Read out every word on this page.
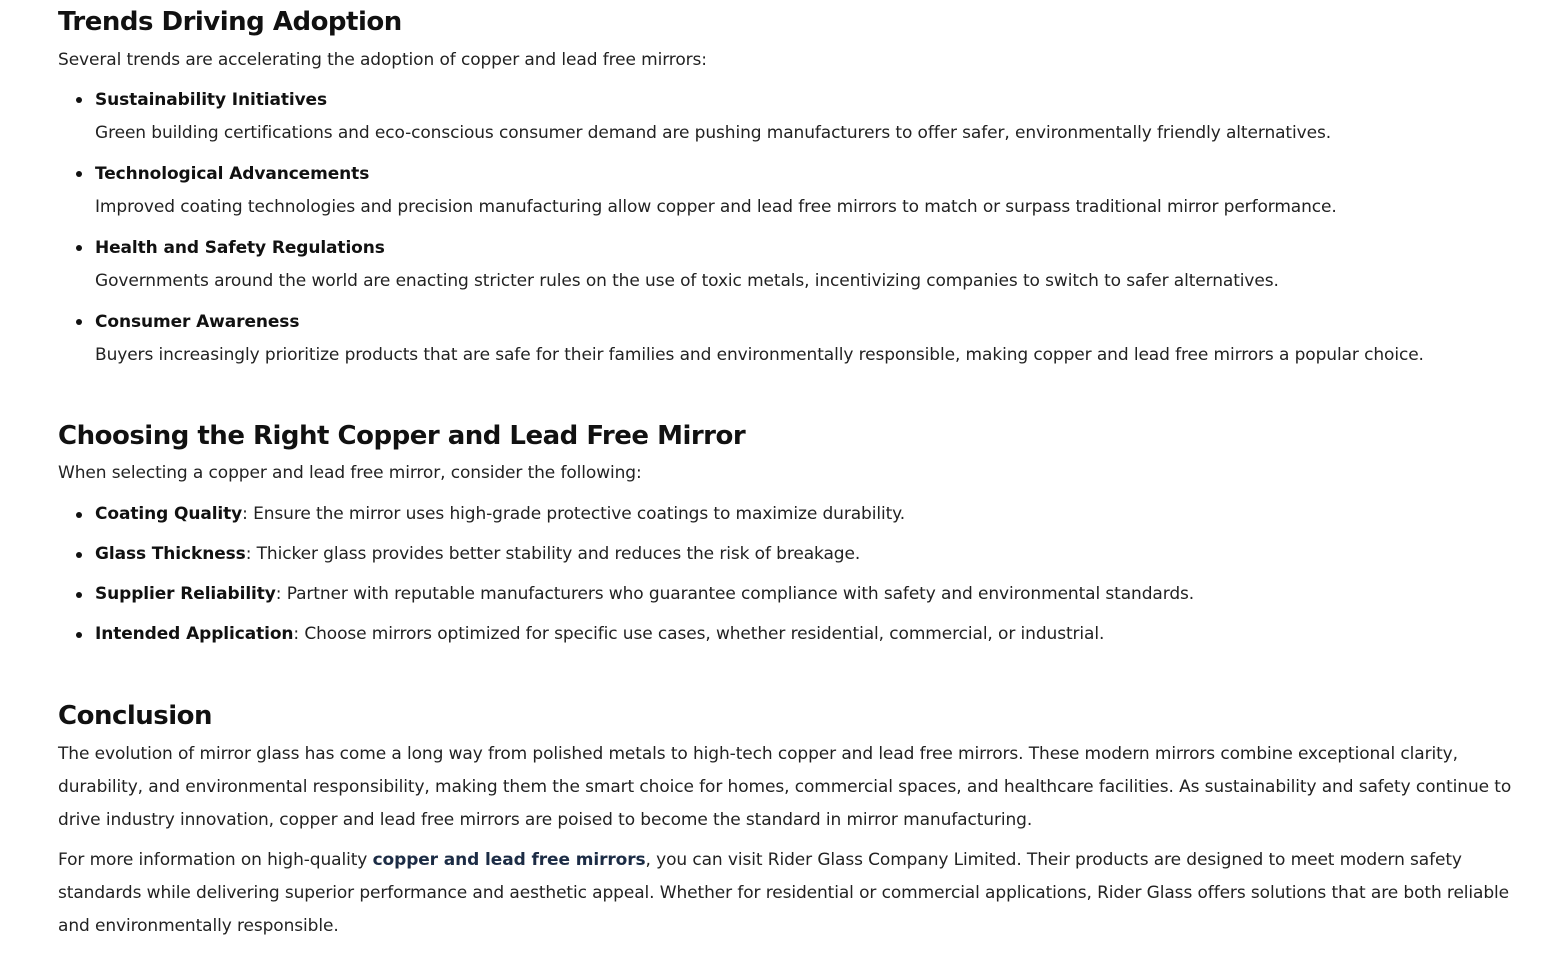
Trends Driving Adoption

Several trends are accelerating the adoption of copper and lead free mirrors:

Sustainability Initiatives
Green building certifications and eco-conscious consumer demand are pushing manufacturers to offer safer, environmentally friendly alternatives.
Technological Advancements
Improved coating technologies and precision manufacturing allow copper and lead free mirrors to match or surpass traditional mirror performance.
Health and Safety Regulations
Governments around the world are enacting stricter rules on the use of toxic metals, incentivizing companies to switch to safer alternatives.
Consumer Awareness
Buyers increasingly prioritize products that are safe for their families and environmentally responsible, making copper and lead free mirrors a popular choice.
Choosing the Right Copper and Lead Free Mirror

When selecting a copper and lead free mirror, consider the following:

Coating Quality: Ensure the mirror uses high-grade protective coatings to maximize durability.
Glass Thickness: Thicker glass provides better stability and reduces the risk of breakage.
Supplier Reliability: Partner with reputable manufacturers who guarantee compliance with safety and environmental standards.
Intended Application: Choose mirrors optimized for specific use cases, whether residential, commercial, or industrial.
Conclusion

The evolution of mirror glass has come a long way from polished metals to high-tech copper and lead free mirrors. These modern mirrors combine exceptional clarity, durability, and environmental responsibility, making them the smart choice for homes, commercial spaces, and healthcare facilities. As sustainability and safety continue to drive industry innovation, copper and lead free mirrors are poised to become the standard in mirror manufacturing.

For more information on high-quality copper and lead free mirrors, you can visit Rider Glass Company Limited. Their products are designed to meet modern safety standards while delivering superior performance and aesthetic appeal. Whether for residential or commercial applications, Rider Glass offers solutions that are both reliable and environmentally responsible.
